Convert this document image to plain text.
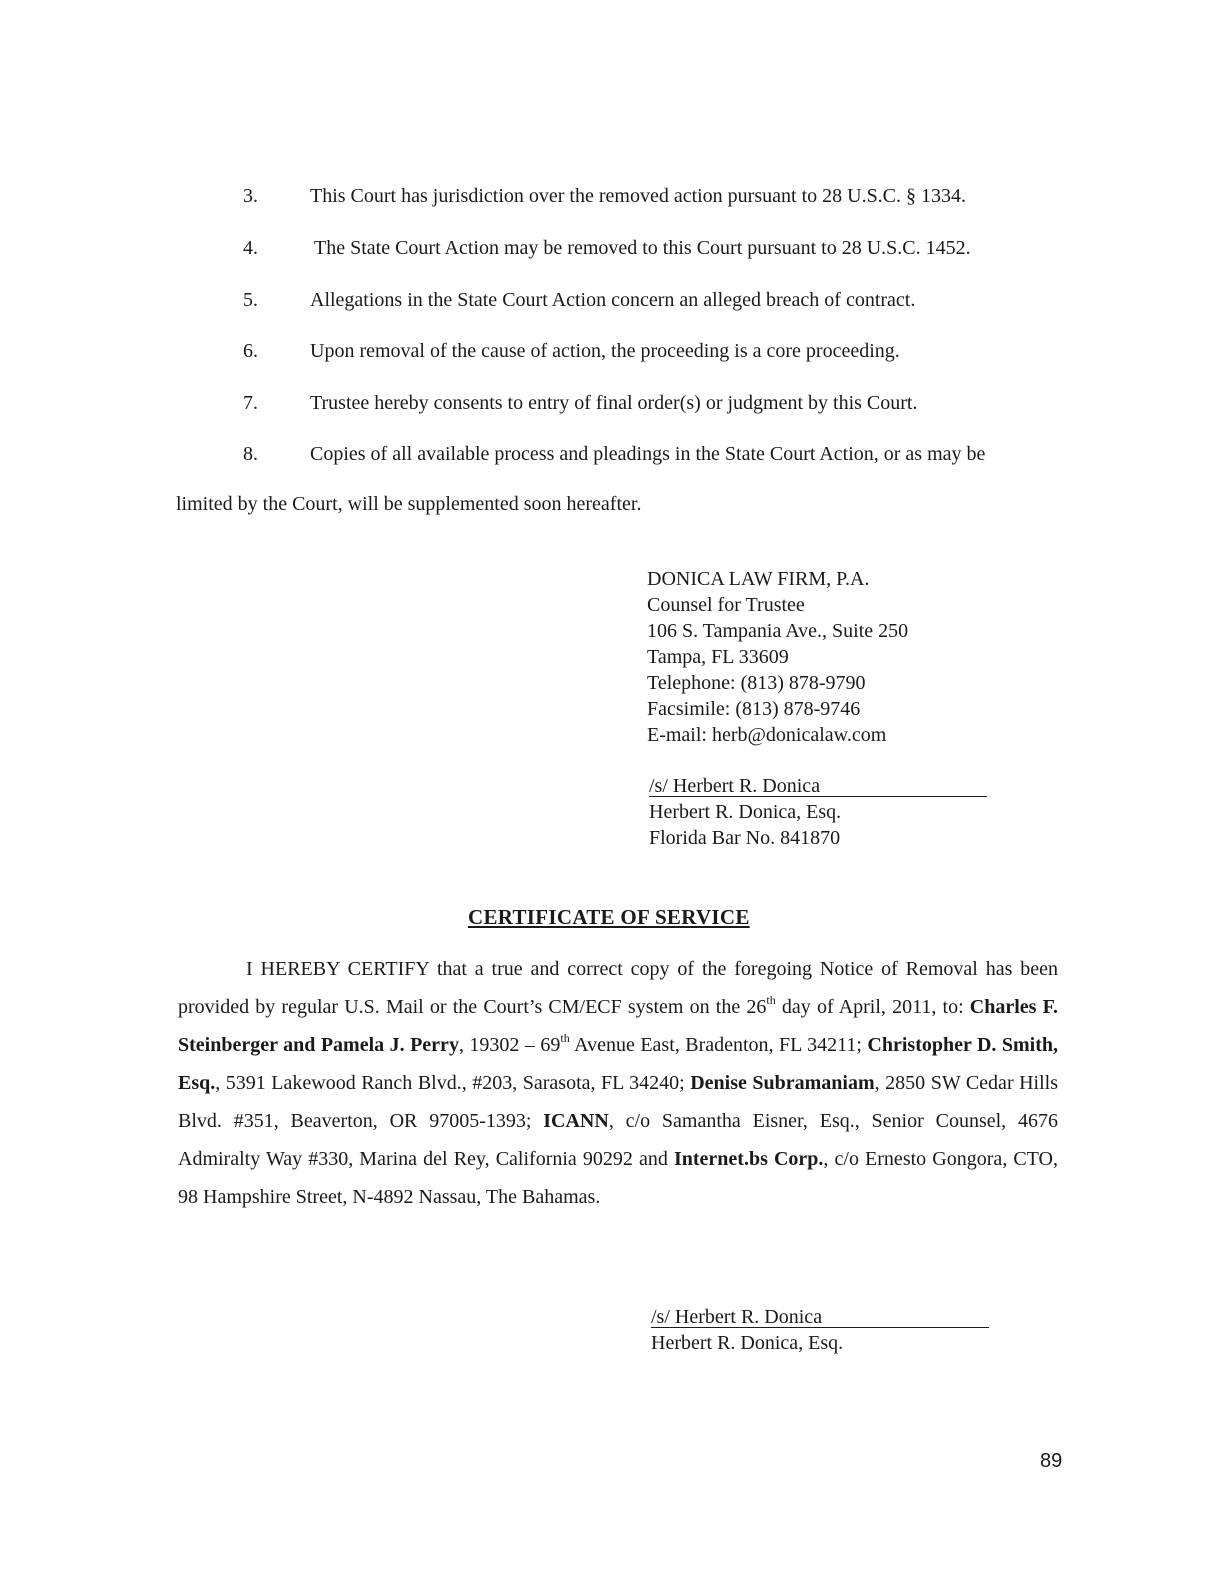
3.	This Court has jurisdiction over the removed action pursuant to 28 U.S.C. § 1334.
4.	The State Court Action may be removed to this Court pursuant to 28 U.S.C. 1452.
5.	Allegations in the State Court Action concern an alleged breach of contract.
6.	Upon removal of the cause of action, the proceeding is a core proceeding.
7.	Trustee hereby consents to entry of final order(s) or judgment by this Court.
8.	Copies of all available process and pleadings in the State Court Action, or as may be
limited by the Court, will be supplemented soon hereafter.
DONICA LAW FIRM, P.A.
Counsel for Trustee
106 S. Tampania Ave., Suite 250
Tampa, FL 33609
Telephone: (813) 878-9790
Facsimile: (813) 878-9746
E-mail: herb@donicalaw.com
/s/ Herbert R. Donica
Herbert R. Donica, Esq.
Florida Bar No. 841870
CERTIFICATE OF SERVICE

I HEREBY CERTIFY that a true and correct copy of the foregoing Notice of Removal has been provided by regular U.S. Mail or the Court’s CM/ECF system on the 26th day of April, 2011, to: Charles F. Steinberger and Pamela J. Perry, 19302 – 69th Avenue East, Bradenton, FL 34211; Christopher D. Smith, Esq., 5391 Lakewood Ranch Blvd., #203, Sarasota, FL 34240; Denise Subramaniam, 2850 SW Cedar Hills Blvd. #351, Beaverton, OR 97005-1393; ICANN, c/o Samantha Eisner, Esq., Senior Counsel, 4676 Admiralty Way #330, Marina del Rey, California 90292 and Internet.bs Corp., c/o Ernesto Gongora, CTO, 98 Hampshire Street, N-4892 Nassau, The Bahamas.

/s/ Herbert R. Donica
Herbert R. Donica, Esq.
89
